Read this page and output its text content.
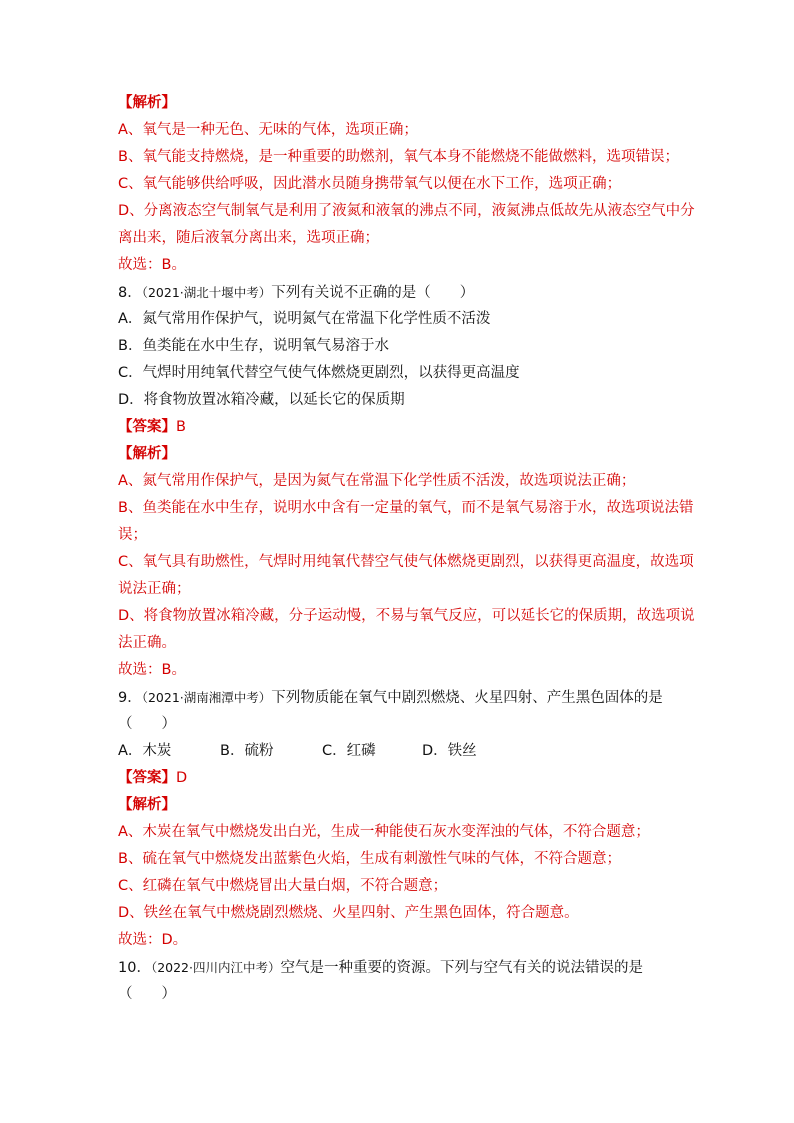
【解析】
A、氧气是一种无色、无味的气体，选项正确；
B、氧气能支持燃烧，是一种重要的助燃剂，氧气本身不能燃烧不能做燃料，选项错误；
C、氧气能够供给呼吸，因此潜水员随身携带氧气以便在水下工作，选项正确；
D、分离液态空气制氧气是利用了液氮和液氧的沸点不同，液氮沸点低故先从液态空气中分
离出来，随后液氧分离出来，选项正确；
故选：B。
8．（2021·湖北十堰中考）下列有关说不正确的是（　　）
A．氮气常用作保护气，说明氮气在常温下化学性质不活泼
B．鱼类能在水中生存，说明氧气易溶于水
C．气焊时用纯氧代替空气使气体燃烧更剧烈，以获得更高温度
D．将食物放置冰箱冷藏，以延长它的保质期
【答案】B
【解析】
A、氮气常用作保护气，是因为氮气在常温下化学性质不活泼，故选项说法正确；
B、鱼类能在水中生存，说明水中含有一定量的氧气，而不是氧气易溶于水，故选项说法错
误；
C、氧气具有助燃性，气焊时用纯氧代替空气使气体燃烧更剧烈，以获得更高温度，故选项
说法正确；
D、将食物放置冰箱冷藏，分子运动慢，不易与氧气反应，可以延长它的保质期，故选项说
法正确。
故选：B。
9．（2021·湖南湘潭中考）下列物质能在氧气中剧烈燃烧、火星四射、产生黑色固体的是
（　　）
A．木炭	B．硫粉	C．红磷	D．铁丝
【答案】D
【解析】
A、木炭在氧气中燃烧发出白光，生成一种能使石灰水变浑浊的气体，不符合题意；
B、硫在氧气中燃烧发出蓝紫色火焰，生成有刺激性气味的气体，不符合题意；
C、红磷在氧气中燃烧冒出大量白烟，不符合题意；
D、铁丝在氧气中燃烧剧烈燃烧、火星四射、产生黑色固体，符合题意。
故选：D。
10．（2022·四川内江中考）空气是一种重要的资源。下列与空气有关的说法错误的是
（　　）
